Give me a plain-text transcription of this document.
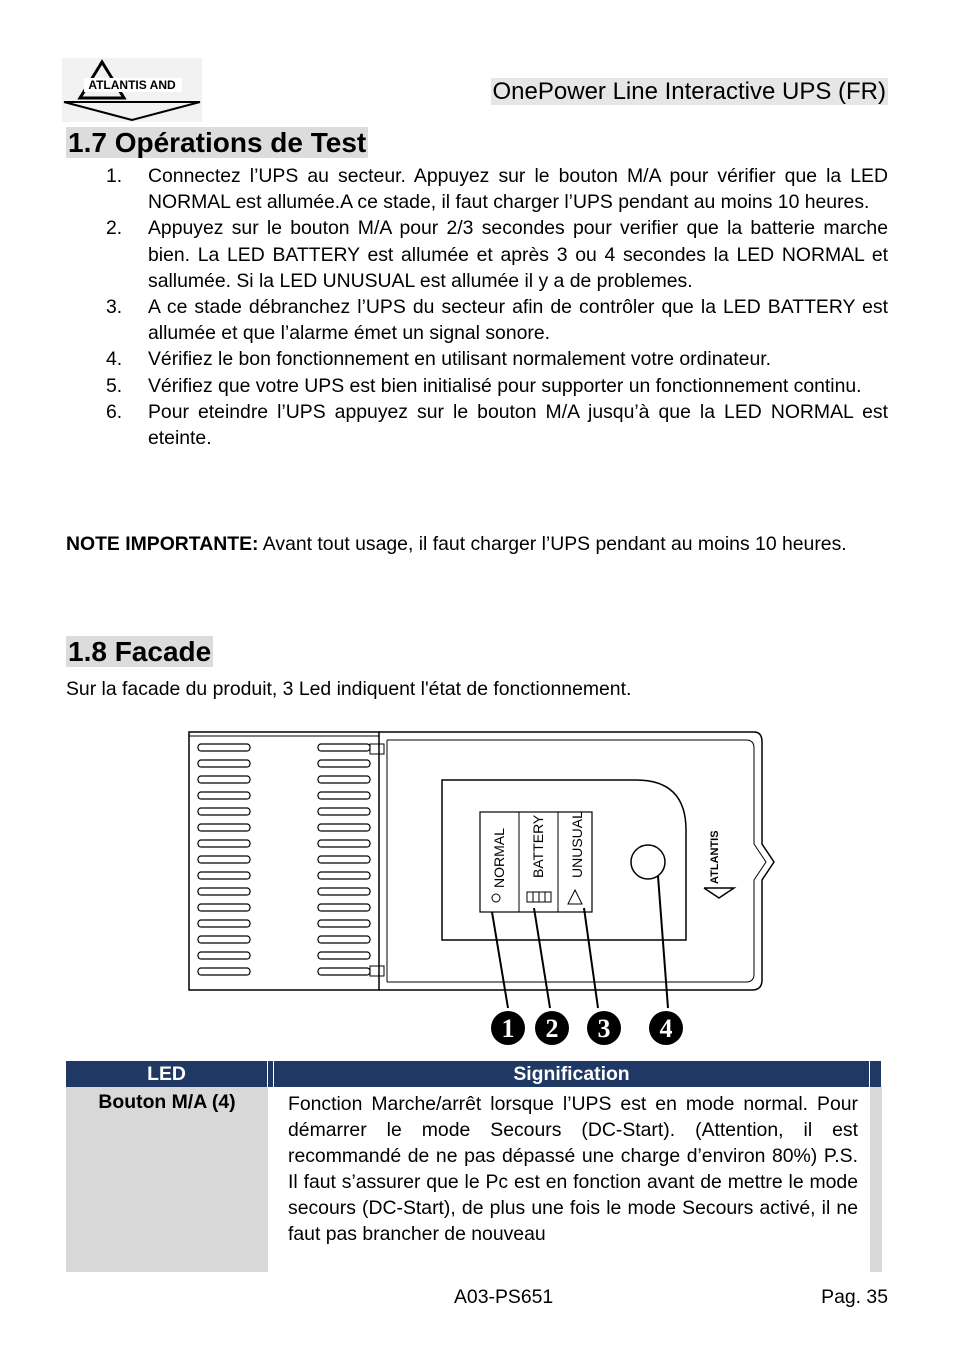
ATLANTIS AND	OnePower Line Interactive UPS (FR)
1.7 Opérations de Test
1. Connectez l’UPS au secteur. Appuyez sur le bouton M/A pour vérifier que la LED NORMAL est allumée.A ce stade, il faut charger l’UPS pendant au moins 10 heures.
2. Appuyez sur le bouton M/A pour 2/3 secondes pour verifier que la batterie marche bien. La LED BATTERY est allumée et après 3 ou 4 secondes la LED NORMAL et sallumée. Si la LED UNUSUAL est allumée il y a de problemes.
3. A ce stade débranchez l’UPS du secteur afin de contrôler que la LED BATTERY est allumée et que l’alarme émet un signal sonore.
4. Vérifiez le bon fonctionnement en utilisant normalement votre ordinateur.
5. Vérifiez que votre UPS est bien initialisé pour supporter un fonctionnement continu.
6. Pour eteindre l’UPS appuyez sur le bouton M/A jusqu’à que la LED NORMAL est eteinte.
NOTE IMPORTANTE: Avant tout usage, il faut charger l’UPS pendant au moins 10 heures.
1.8 Facade
Sur la facade du produit, 3 Led indiquent l'état de fonctionnement.
NORMAL BATTERY UNUSUAL	ATLANTIS
1 2 3 4
LED		Signification	
Bouton M/A (4)		Fonction Marche/arrêt lorsque l’UPS est en mode normal. Pour démarrer le mode Secours (DC-Start). (Attention, il est recommandé de ne pas dépassé une charge d’environ 80%) P.S. Il faut s’assurer que le Pc est en fonction avant de mettre le mode secours (DC-Start), de plus une fois le mode Secours activé, il ne faut pas brancher de nouveau	
A03-PS651	Pag. 35
